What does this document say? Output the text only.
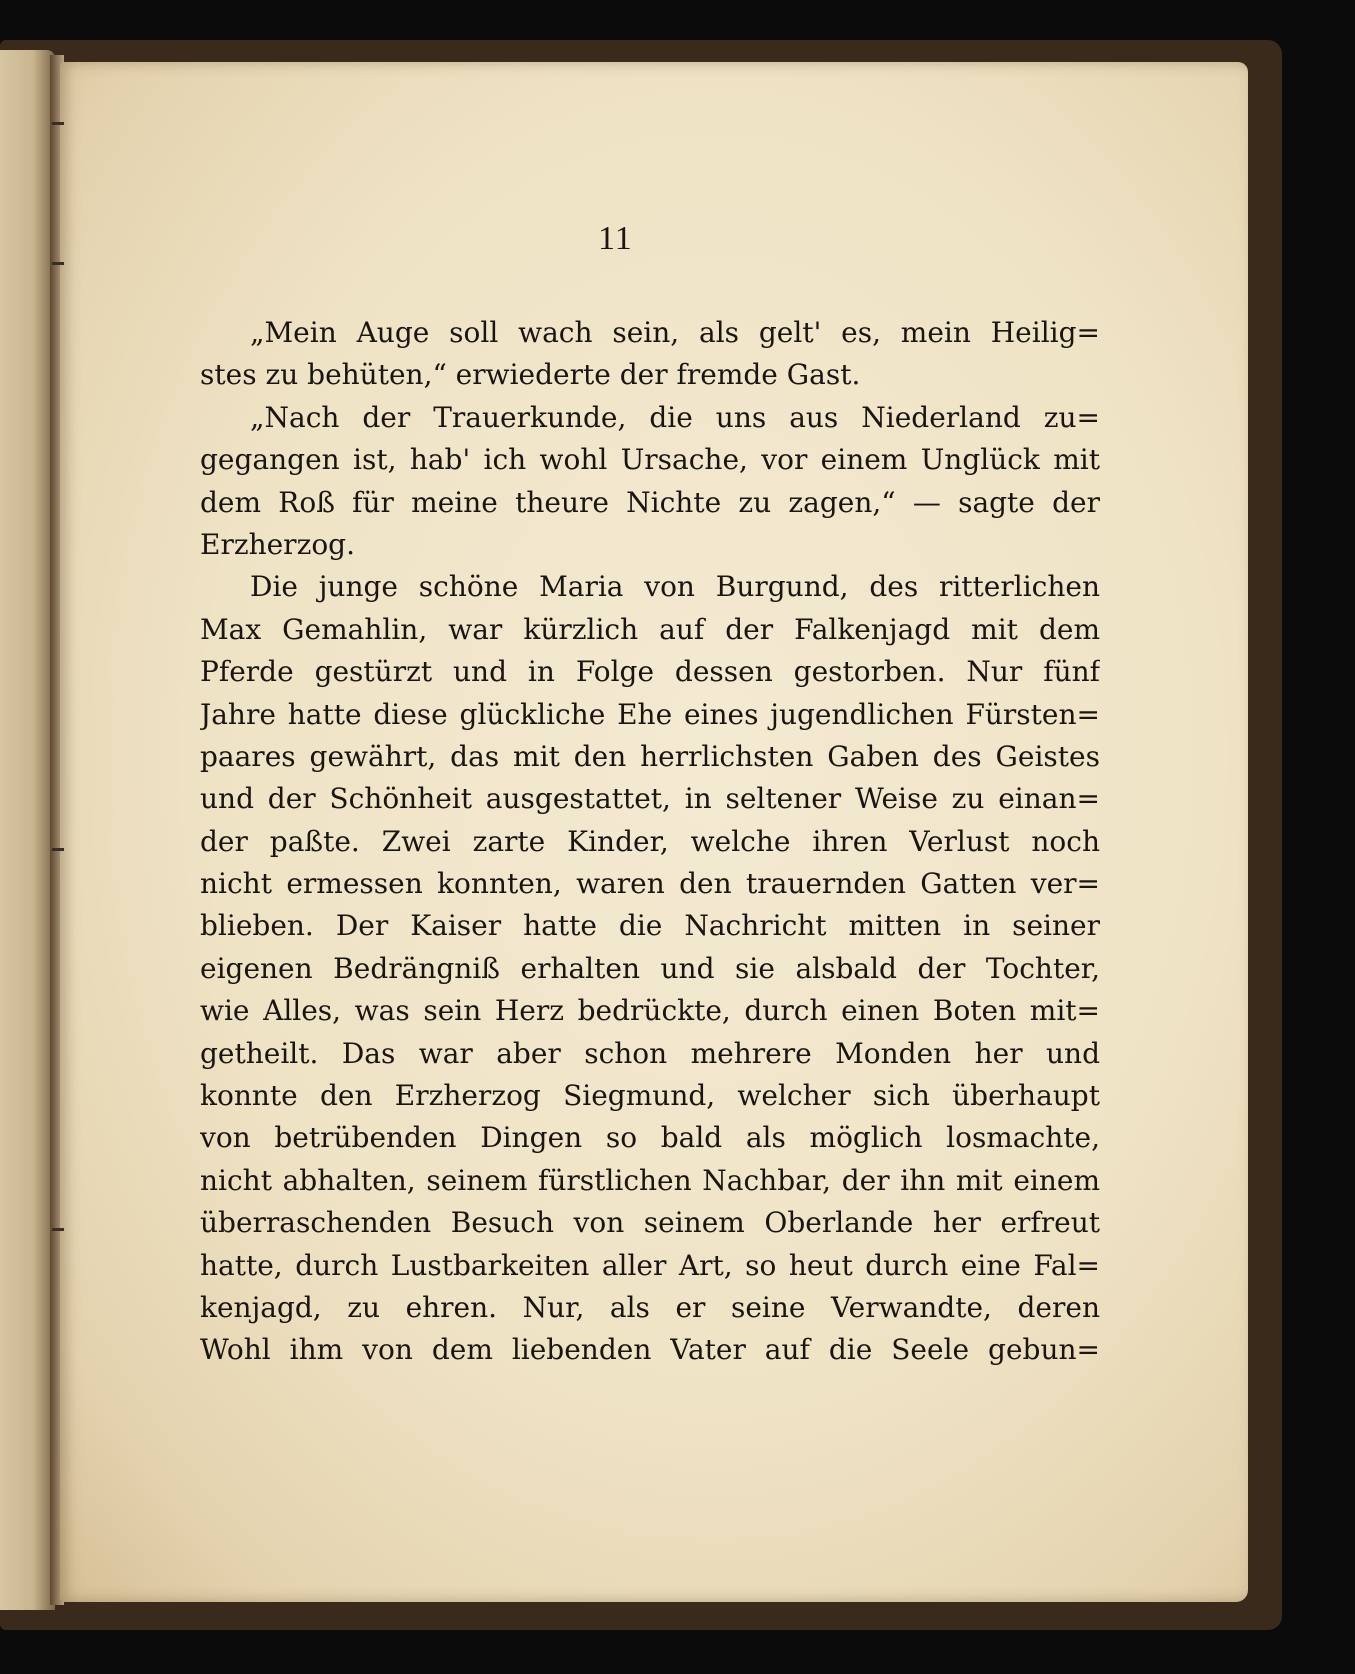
11
„Mein Auge soll wach sein, als gelt' es, mein Heilig=
stes zu behüten,“ erwiederte der fremde Gast.
„Nach der Trauerkunde, die uns aus Niederland zu=
gegangen ist, hab' ich wohl Ursache, vor einem Unglück mit
dem Roß für meine theure Nichte zu zagen,“ — sagte der
Erzherzog.
Die junge schöne Maria von Burgund, des ritterlichen
Max Gemahlin, war kürzlich auf der Falkenjagd mit dem
Pferde gestürzt und in Folge dessen gestorben. Nur fünf
Jahre hatte diese glückliche Ehe eines jugendlichen Fürsten=
paares gewährt, das mit den herrlichsten Gaben des Geistes
und der Schönheit ausgestattet, in seltener Weise zu einan=
der paßte. Zwei zarte Kinder, welche ihren Verlust noch
nicht ermessen konnten, waren den trauernden Gatten ver=
blieben. Der Kaiser hatte die Nachricht mitten in seiner
eigenen Bedrängniß erhalten und sie alsbald der Tochter,
wie Alles, was sein Herz bedrückte, durch einen Boten mit=
getheilt. Das war aber schon mehrere Monden her und
konnte den Erzherzog Siegmund, welcher sich überhaupt
von betrübenden Dingen so bald als möglich losmachte,
nicht abhalten, seinem fürstlichen Nachbar, der ihn mit einem
überraschenden Besuch von seinem Oberlande her erfreut
hatte, durch Lustbarkeiten aller Art, so heut durch eine Fal=
kenjagd, zu ehren. Nur, als er seine Verwandte, deren
Wohl ihm von dem liebenden Vater auf die Seele gebun=
